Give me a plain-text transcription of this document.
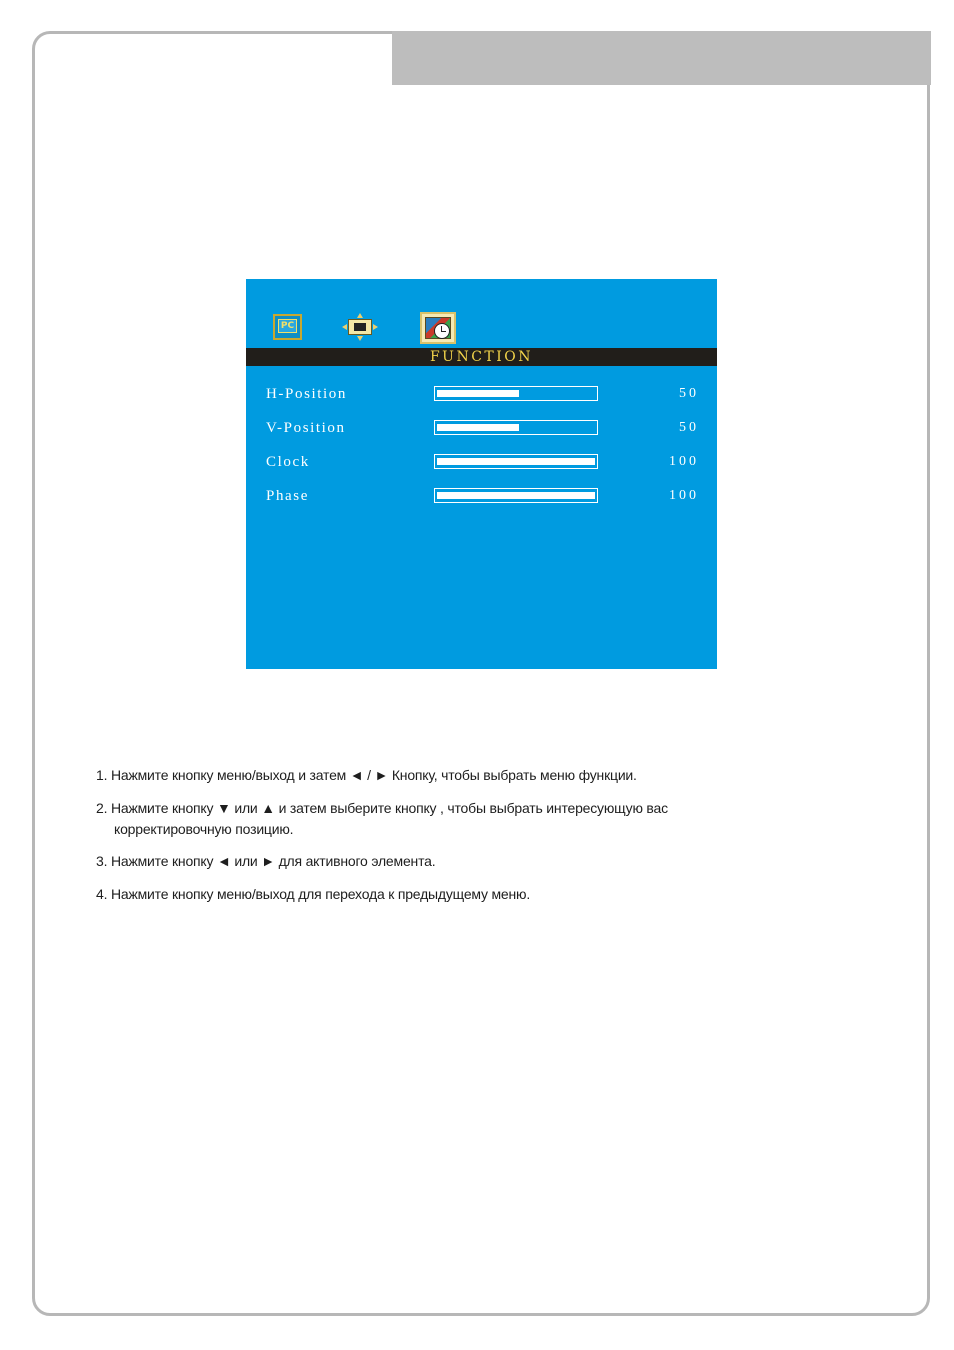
PC
FUNCTION
H-Position	50
V-Position	50
Clock	100
Phase	100

1. Нажмите кнопку меню/выход и затем ◄ / ► Кнопку, чтобы выбрать меню функции.

2. Нажмите кнопку ▼ или ▲ и затем выберите кнопку , чтобы выбрать интересующую вас
корректировочную позицию.

3. Нажмите кнопку ◄ или ► для активного элемента.

4. Нажмите кнопку меню/выход для перехода к предыдущему меню.
